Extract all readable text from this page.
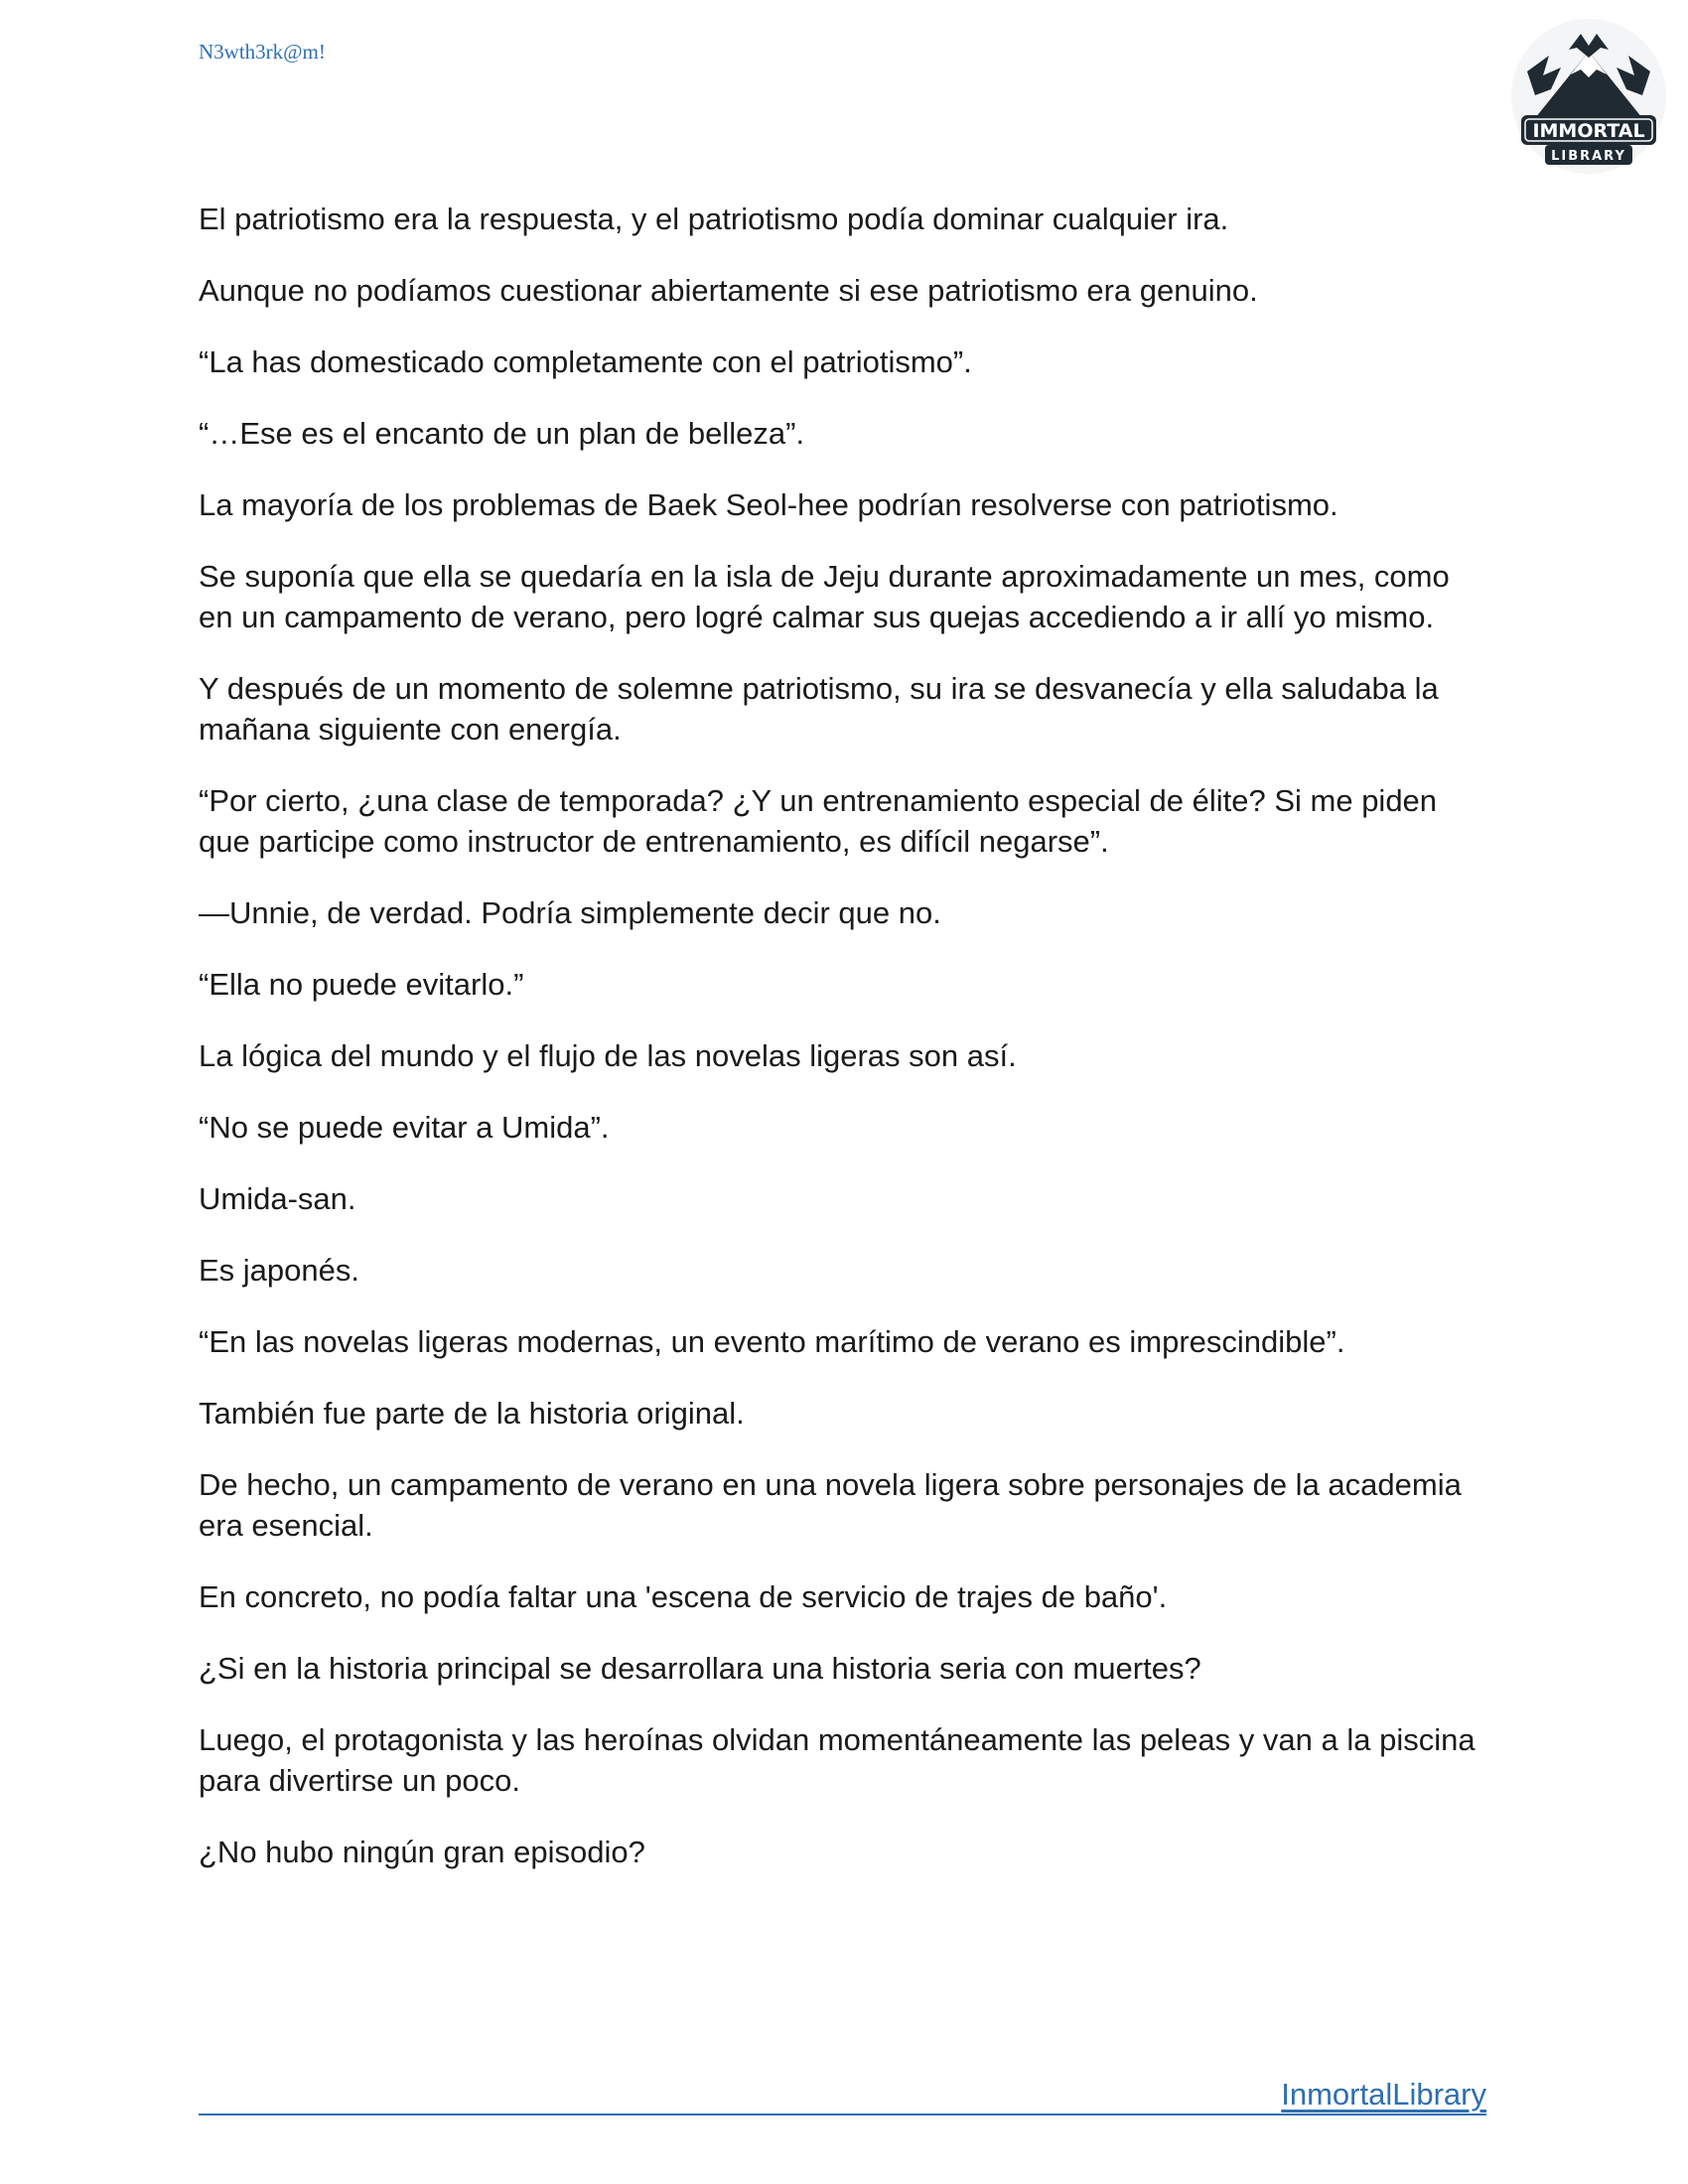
N3wth3rk@m!
IMMORTAL
LIBRARY

El patriotismo era la respuesta, y el patriotismo podía dominar cualquier ira.

Aunque no podíamos cuestionar abiertamente si ese patriotismo era genuino.

“La has domesticado completamente con el patriotismo”.

“…Ese es el encanto de un plan de belleza”.

La mayoría de los problemas de Baek Seol-hee podrían resolverse con patriotismo.

Se suponía que ella se quedaría en la isla de Jeju durante aproximadamente un mes, como en un campamento de verano, pero logré calmar sus quejas accediendo a ir allí yo mismo.

Y después de un momento de solemne patriotismo, su ira se desvanecía y ella saludaba la mañana siguiente con energía.

“Por cierto, ¿una clase de temporada? ¿Y un entrenamiento especial de élite? Si me piden que participe como instructor de entrenamiento, es difícil negarse”.

—Unnie, de verdad. Podría simplemente decir que no.

“Ella no puede evitarlo.”

La lógica del mundo y el flujo de las novelas ligeras son así.

“No se puede evitar a Umida”.

Umida-san.

Es japonés.

“En las novelas ligeras modernas, un evento marítimo de verano es imprescindible”.

También fue parte de la historia original.

De hecho, un campamento de verano en una novela ligera sobre personajes de la academia era esencial.

En concreto, no podía faltar una 'escena de servicio de trajes de baño'.

¿Si en la historia principal se desarrollara una historia seria con muertes?

Luego, el protagonista y las heroínas olvidan momentáneamente las peleas y van a la piscina para divertirse un poco.

¿No hubo ningún gran episodio?

InmortalLibrary
